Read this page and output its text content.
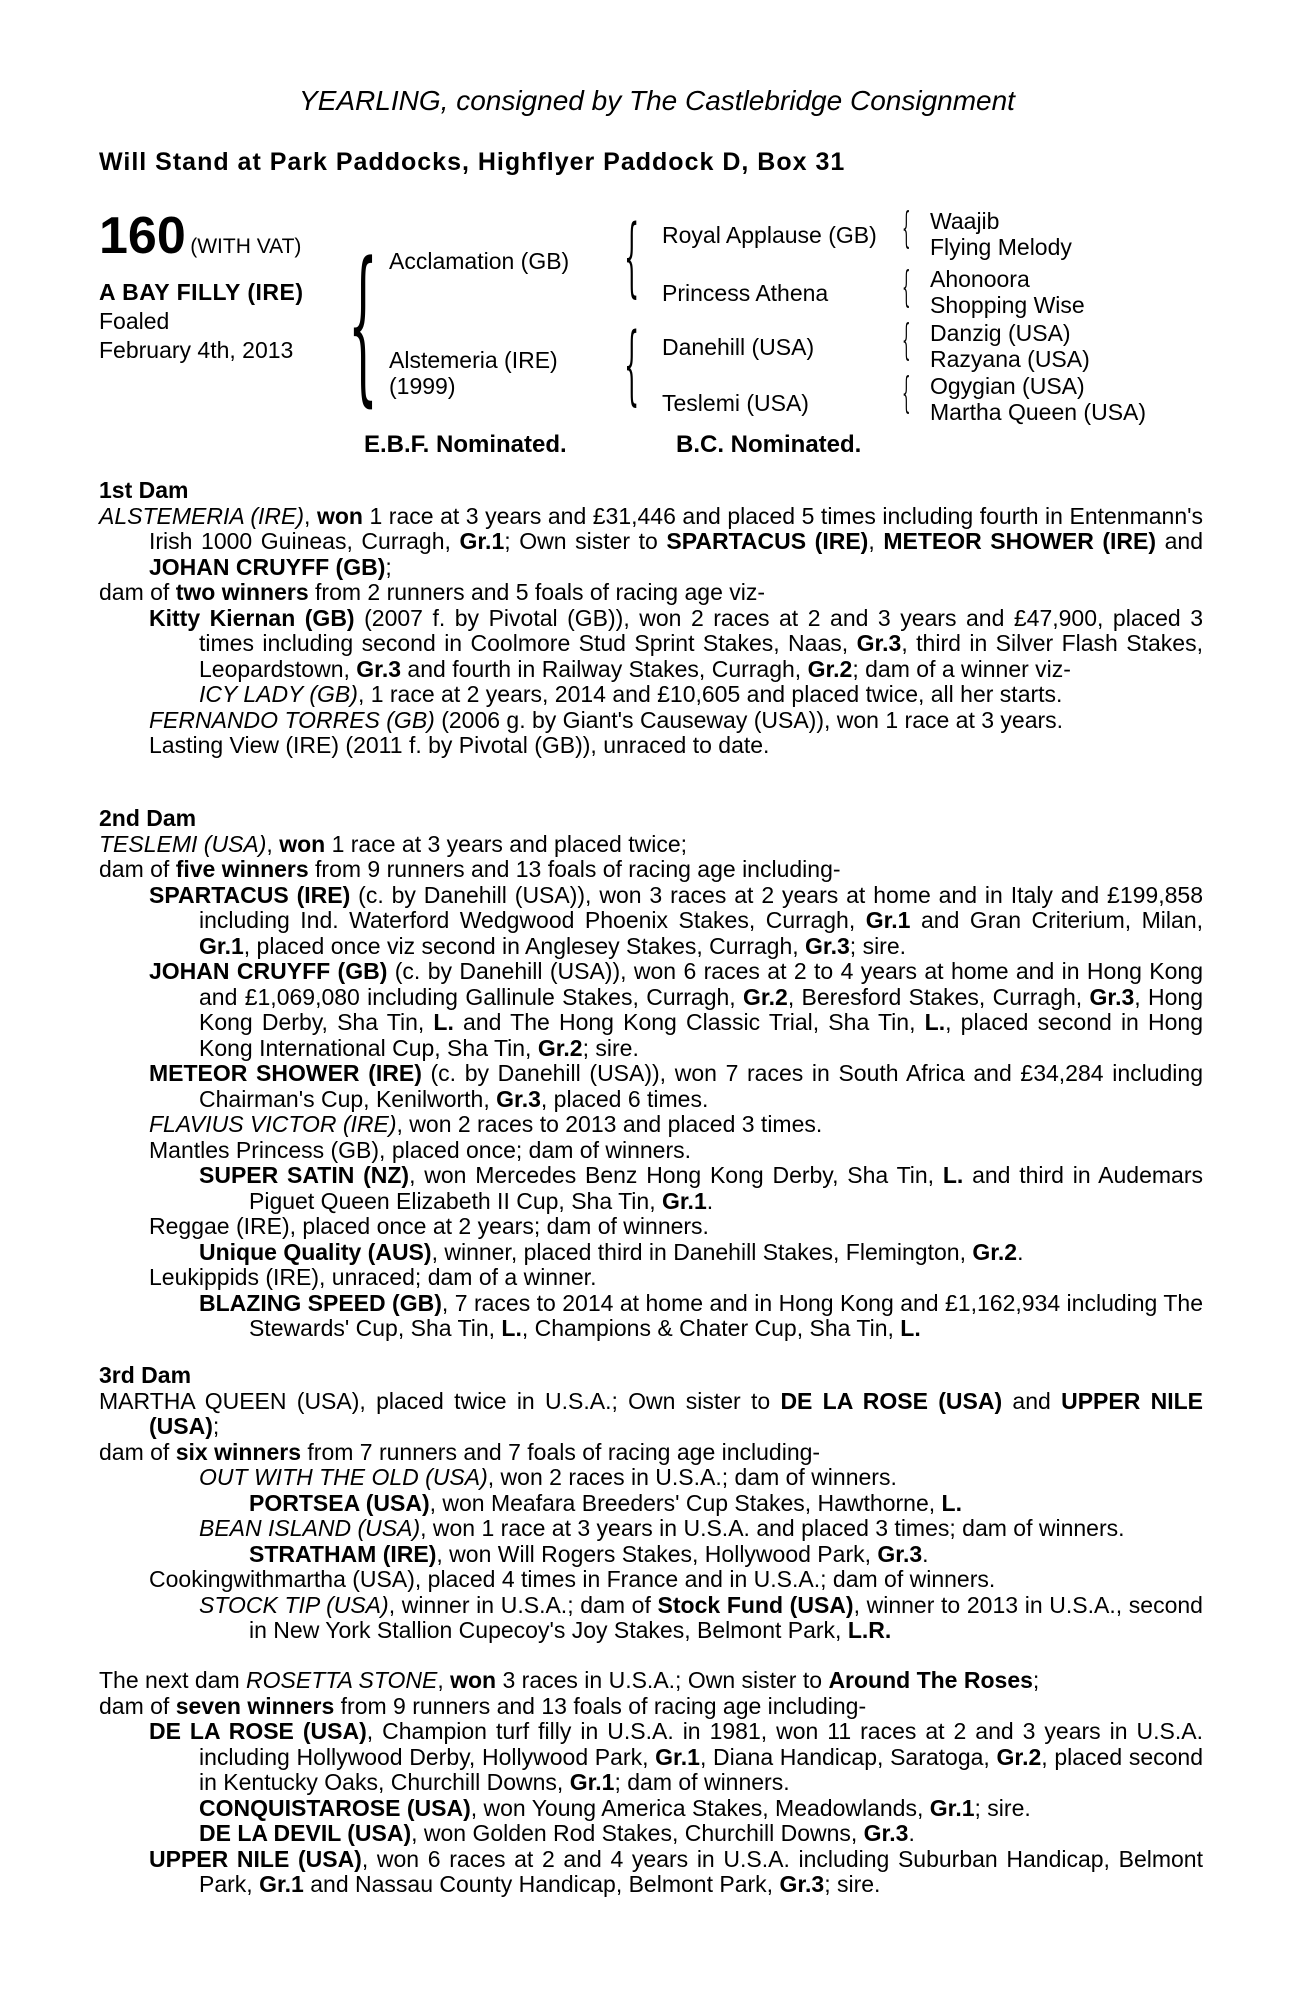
YEARLING, consigned by The Castlebridge Consignment
Will Stand at Park Paddocks, Highflyer Paddock D, Box 31
160 (WITH VAT)
A BAY FILLY (IRE)
Foaled
February 4th, 2013 {	{
{
{
{
{
{
Acclamation (GB)
Alstemeria (IRE)
(1999)
Royal Applause (GB)
Princess Athena
Danehill (USA)
Teslemi (USA)
Waajib
Flying Melody
Ahonoora
Shopping Wise
Danzig (USA)
Razyana (USA)
Ogygian (USA)
Martha Queen (USA)
E.B.F. Nominated.	B.C. Nominated.
1st Dam
ALSTEMERIA (IRE), won 1 race at 3 years and £31,446 and placed 5 times including fourth in Entenmann's Irish 1000 Guineas, Curragh, Gr.1; Own sister to SPARTACUS (IRE), METEOR SHOWER (IRE) and JOHAN CRUYFF (GB);
dam of two winners from 2 runners and 5 foals of racing age viz-
Kitty Kiernan (GB) (2007 f. by Pivotal (GB)), won 2 races at 2 and 3 years and £47,900, placed 3 times including second in Coolmore Stud Sprint Stakes, Naas, Gr.3, third in Silver Flash Stakes, Leopardstown, Gr.3 and fourth in Railway Stakes, Curragh, Gr.2; dam of a winner viz-
ICY LADY (GB), 1 race at 2 years, 2014 and £10,605 and placed twice, all her starts.
FERNANDO TORRES (GB) (2006 g. by Giant's Causeway (USA)), won 1 race at 3 years.
Lasting View (IRE) (2011 f. by Pivotal (GB)), unraced to date.
2nd Dam
TESLEMI (USA), won 1 race at 3 years and placed twice;
dam of five winners from 9 runners and 13 foals of racing age including-
SPARTACUS (IRE) (c. by Danehill (USA)), won 3 races at 2 years at home and in Italy and £199,858 including Ind. Waterford Wedgwood Phoenix Stakes, Curragh, Gr.1 and Gran Criterium, Milan, Gr.1, placed once viz second in Anglesey Stakes, Curragh, Gr.3; sire.
JOHAN CRUYFF (GB) (c. by Danehill (USA)), won 6 races at 2 to 4 years at home and in Hong Kong and £1,069,080 including Gallinule Stakes, Curragh, Gr.2, Beresford Stakes, Curragh, Gr.3, Hong Kong Derby, Sha Tin, L. and The Hong Kong Classic Trial, Sha Tin, L., placed second in Hong Kong International Cup, Sha Tin, Gr.2; sire.
METEOR SHOWER (IRE) (c. by Danehill (USA)), won 7 races in South Africa and £34,284 including Chairman's Cup, Kenilworth, Gr.3, placed 6 times.
FLAVIUS VICTOR (IRE), won 2 races to 2013 and placed 3 times.
Mantles Princess (GB), placed once; dam of winners.
SUPER SATIN (NZ), won Mercedes Benz Hong Kong Derby, Sha Tin, L. and third in Audemars Piguet Queen Elizabeth II Cup, Sha Tin, Gr.1.
Reggae (IRE), placed once at 2 years; dam of winners.
Unique Quality (AUS), winner, placed third in Danehill Stakes, Flemington, Gr.2.
Leukippids (IRE), unraced; dam of a winner.
BLAZING SPEED (GB), 7 races to 2014 at home and in Hong Kong and £1,162,934 including The Stewards' Cup, Sha Tin, L., Champions & Chater Cup, Sha Tin, L.
3rd Dam
MARTHA QUEEN (USA), placed twice in U.S.A.; Own sister to DE LA ROSE (USA) and UPPER NILE (USA);
dam of six winners from 7 runners and 7 foals of racing age including-
OUT WITH THE OLD (USA), won 2 races in U.S.A.; dam of winners.
PORTSEA (USA), won Meafara Breeders' Cup Stakes, Hawthorne, L.
BEAN ISLAND (USA), won 1 race at 3 years in U.S.A. and placed 3 times; dam of winners.
STRATHAM (IRE), won Will Rogers Stakes, Hollywood Park, Gr.3.
Cookingwithmartha (USA), placed 4 times in France and in U.S.A.; dam of winners.
STOCK TIP (USA), winner in U.S.A.; dam of Stock Fund (USA), winner to 2013 in U.S.A., second in New York Stallion Cupecoy's Joy Stakes, Belmont Park, L.R.
The next dam ROSETTA STONE, won 3 races in U.S.A.; Own sister to Around The Roses;
dam of seven winners from 9 runners and 13 foals of racing age including-
DE LA ROSE (USA), Champion turf filly in U.S.A. in 1981, won 11 races at 2 and 3 years in U.S.A. including Hollywood Derby, Hollywood Park, Gr.1, Diana Handicap, Saratoga, Gr.2, placed second in Kentucky Oaks, Churchill Downs, Gr.1; dam of winners.
CONQUISTAROSE (USA), won Young America Stakes, Meadowlands, Gr.1; sire.
DE LA DEVIL (USA), won Golden Rod Stakes, Churchill Downs, Gr.3.
UPPER NILE (USA), won 6 races at 2 and 4 years in U.S.A. including Suburban Handicap, Belmont Park, Gr.1 and Nassau County Handicap, Belmont Park, Gr.3; sire.
